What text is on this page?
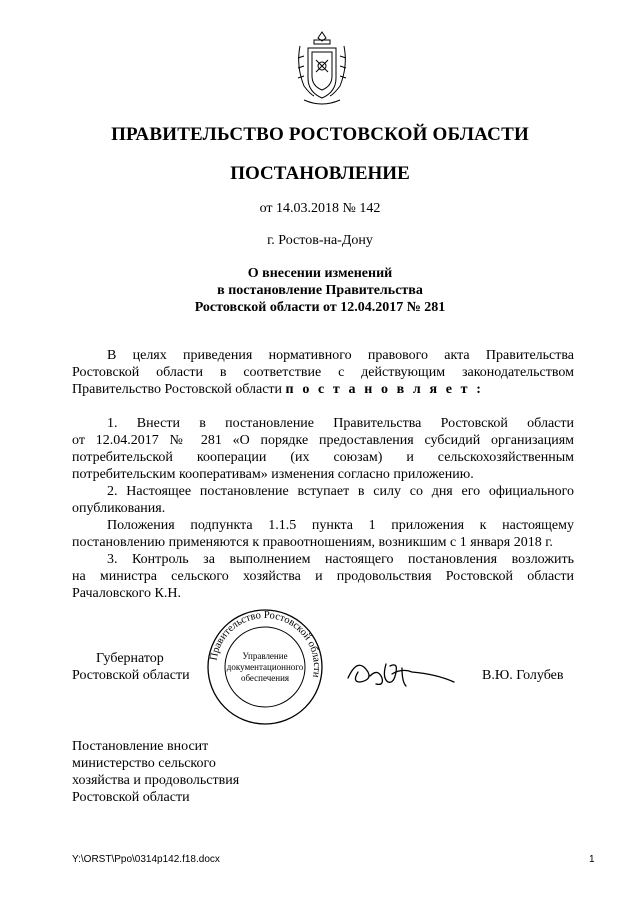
ПРАВИТЕЛЬСТВО РОСТОВСКОЙ ОБЛАСТИ
ПОСТАНОВЛЕНИЕ
от 14.03.2018 № 142
г. Ростов-на-Дону
О внесении изменений
в постановление Правительства
Ростовской области от 12.04.2017 № 281
В целях приведения нормативного правового акта Правительства
Ростовской области в соответствие с действующим законодательством
Правительство Ростовской области п о с т а н о в л я е т :
1. Внести в постановление Правительства Ростовской области
от 12.04.2017 № 281 «О порядке предоставления субсидий организациям
потребительской кооперации (их союзам) и сельскохозяйственным
потребительским кооперативам» изменения согласно приложению.
2. Настоящее постановление вступает в силу со дня его официального
опубликования.
Положения подпункта 1.1.5 пункта 1 приложения к настоящему
постановлению применяются к правоотношениям, возникшим с 1 января 2018 г.
3. Контроль за выполнением настоящего постановления возложить
на министра сельского хозяйства и продовольствия Ростовской области
Рачаловского К.Н.
Губернатор
Ростовской области	В.Ю. Голубев
Правительство Ростовской области
Управление
документационного
обеспечения
Постановление вносит
министерство сельского
хозяйства и продовольствия
Ростовской области
Y:\ORST\Ppo\0314p142.f18.docx	1
